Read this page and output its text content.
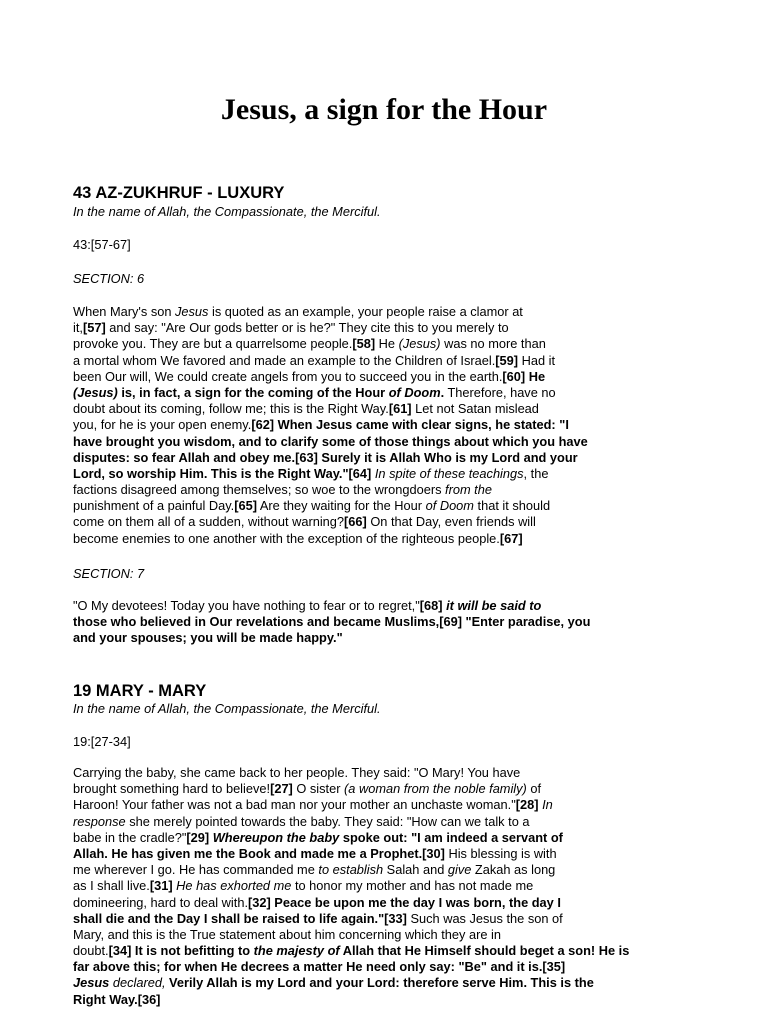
Jesus, a sign for the Hour
43 AZ-ZUKHRUF - LUXURY

In the name of Allah, the Compassionate, the Merciful.

43:[57-67]

SECTION: 6

When Mary's son Jesus is quoted as an example, your people raise a clamor at
it,[57] and say: "Are Our gods better or is he?" They cite this to you merely to
provoke you. They are but a quarrelsome people.[58] He (Jesus) was no more than
a mortal whom We favored and made an example to the Children of Israel.[59] Had it
been Our will, We could create angels from you to succeed you in the earth.[60] He
(Jesus) is, in fact, a sign for the coming of the Hour of Doom. Therefore, have no
doubt about its coming, follow me; this is the Right Way.[61] Let not Satan mislead
you, for he is your open enemy.[62] When Jesus came with clear signs, he stated: "I
have brought you wisdom, and to clarify some of those things about which you have
disputes: so fear Allah and obey me.[63] Surely it is Allah Who is my Lord and your
Lord, so worship Him. This is the Right Way."[64] In spite of these teachings, the
factions disagreed among themselves; so woe to the wrongdoers from the
punishment of a painful Day.[65] Are they waiting for the Hour of Doom that it should
come on them all of a sudden, without warning?[66] On that Day, even friends will
become enemies to one another with the exception of the righteous people.[67]

SECTION: 7

"O My devotees! Today you have nothing to fear or to regret,"[68] it will be said to
those who believed in Our revelations and became Muslims,[69] "Enter paradise, you
and your spouses; you will be made happy."
19 MARY - MARY

In the name of Allah, the Compassionate, the Merciful.

19:[27-34]

Carrying the baby, she came back to her people. They said: "O Mary! You have
brought something hard to believe![27] O sister (a woman from the noble family) of
Haroon! Your father was not a bad man nor your mother an unchaste woman."[28] In
response she merely pointed towards the baby. They said: "How can we talk to a
babe in the cradle?"[29] Whereupon the baby spoke out: "I am indeed a servant of
Allah. He has given me the Book and made me a Prophet.[30] His blessing is with
me wherever I go. He has commanded me to establish Salah and give Zakah as long
as I shall live.[31] He has exhorted me to honor my mother and has not made me
domineering, hard to deal with.[32] Peace be upon me the day I was born, the day I
shall die and the Day I shall be raised to life again."[33] Such was Jesus the son of
Mary, and this is the True statement about him concerning which they are in
doubt.[34] It is not befitting to the majesty of Allah that He Himself should beget a son! He is
far above this; for when He decrees a matter He need only say: "Be" and it is.[35]
Jesus declared, Verily Allah is my Lord and your Lord: therefore serve Him. This is the
Right Way.[36]
